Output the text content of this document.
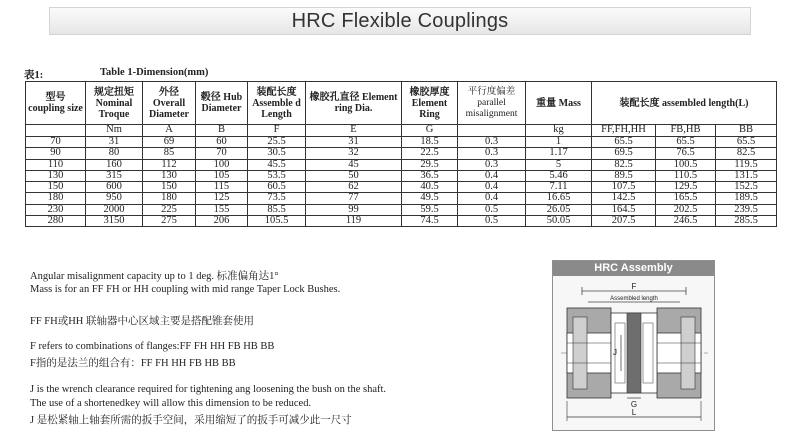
HRC Flexible Couplings
表1:	Table 1-Dimension(mm)
型号 coupling size	规定扭矩 Nominal Troque	外径 Overall Diameter	毂径 Hub Diameter	装配长度 Assemble d Length	橡胶孔直径 Element ring Dia.	橡胶厚度 Element Ring	平行度偏差 parallel misalignment	重量 Mass	装配长度 assembled length(L)		
	Nm	A	B	F	E	G		kg	FF,FH,HH	FB,HB	BB
70	31	69	60	25.5	31	18.5	0.3	1	65.5	65.5	65.5
90	80	85	70	30.5	32	22.5	0.3	1.17	69.5	76.5	82.5
110	160	112	100	45.5	45	29.5	0.3	5	82.5	100.5	119.5
130	315	130	105	53.5	50	36.5	0.4	5.46	89.5	110.5	131.5
150	600	150	115	60.5	62	40.5	0.4	7.11	107.5	129.5	152.5
180	950	180	125	73.5	77	49.5	0.4	16.65	142.5	165.5	189.5
230	2000	225	155	85.5	99	59.5	0.5	26.05	164.5	202.5	239.5
280	3150	275	206	105.5	119	74.5	0.5	50.05	207.5	246.5	285.5
Angular misalignment capacity up to 1 deg. 标准偏角达1°
Mass is for an FF FH or HH coupling with mid range Taper Lock Bushes.
FF FH或HH 联轴器中心区域主要是搭配锥套使用
F refers to combinations of flanges:FF FH HH FB HB BB
F指的是法兰的组合有：FF FH HH FB HB BB
J is the wrench clearance required for tightening ang loosening the bush on the shaft.
The use of a shortenedkey will allow this dimension to be reduced.
J 是松紧轴上轴套所需的扳手空间，采用缩短了的扳手可减少此一尺寸
HRC Assembly
F
Assembled length
J
G
L
